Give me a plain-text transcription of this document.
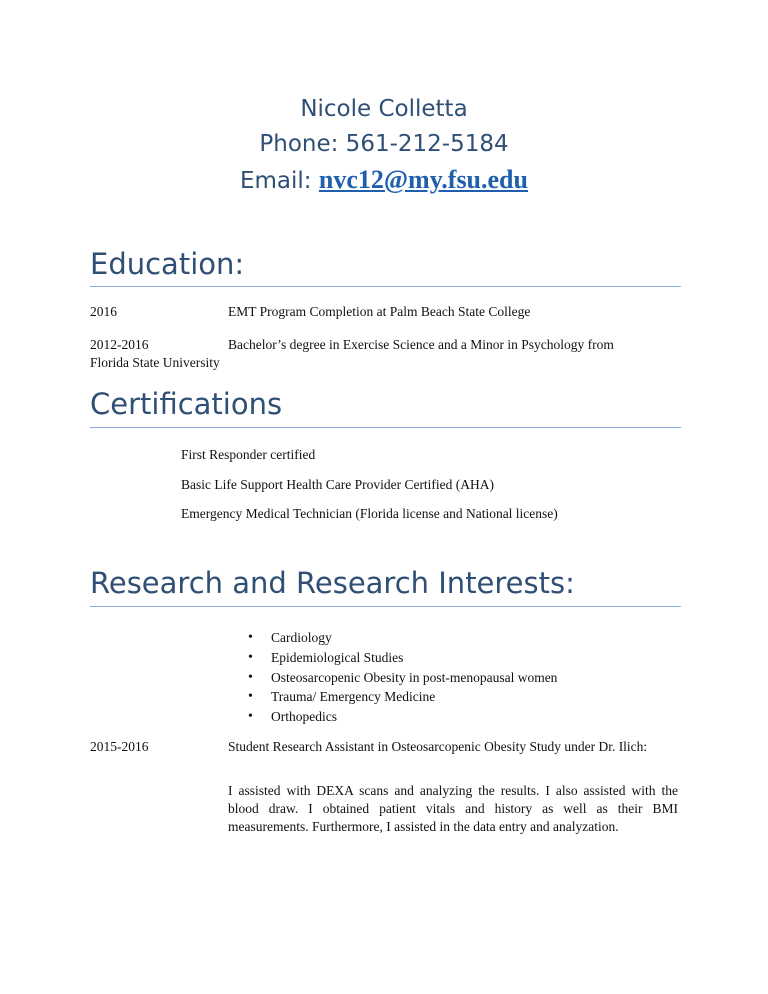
Nicole Colletta
Phone: 561-212-5184
Email: nvc12@my.fsu.edu
Education:
2016	EMT Program Completion at Palm Beach State College
2012-2016	Bachelor’s degree in Exercise Science and a Minor in Psychology from
Florida State University
Certifications
First Responder certified
Basic Life Support Health Care Provider Certified (AHA)
Emergency Medical Technician (Florida license and National license)
Research and Research Interests:
• Cardiology
• Epidemiological Studies
• Osteosarcopenic Obesity in post-menopausal women
• Trauma/ Emergency Medicine
• Orthopedics
2015-2016	Student Research Assistant in Osteosarcopenic Obesity Study under Dr. Ilich:
I assisted with DEXA scans and analyzing the results. I also assisted with the blood draw. I obtained patient vitals and history as well as their BMI measurements. Furthermore, I assisted in the data entry and analyzation.
